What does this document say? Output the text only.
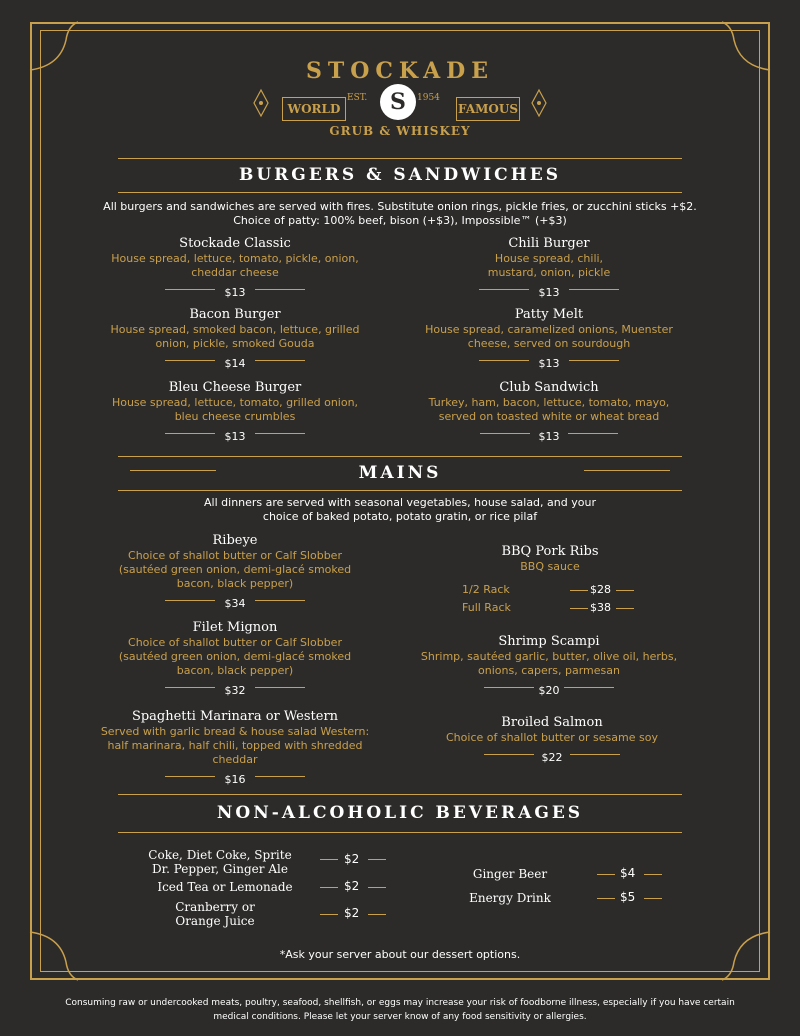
STOCKADE
WORLD
EST.	S	1954
FAMOUS
GRUB & WHISKEY
BURGERS & SANDWICHES
All burgers and sandwiches are served with fires. Substitute onion rings, pickle fries, or zucchini sticks +$2. Choice of patty: 100% beef, bison (+$3), Impossible™ (+$3)
Stockade Classic
House spread, lettuce, tomato, pickle, onion, cheddar cheese
$13
Chili Burger
House spread, chili, mustard, onion, pickle
$13
Bacon Burger
House spread, smoked bacon, lettuce, grilled onion, pickle, smoked Gouda
$14
Patty Melt
House spread, caramelized onions, Muenster cheese, served on sourdough
$13
Bleu Cheese Burger
House spread, lettuce, tomato, grilled onion, bleu cheese crumbles
$13
Club Sandwich
Turkey, ham, bacon, lettuce, tomato, mayo, served on toasted white or wheat bread
$13
MAINS
All dinners are served with seasonal vegetables, house salad, and your choice of baked potato, potato gratin, or rice pilaf
Ribeye
Choice of shallot butter or Calf Slobber (sautéed green onion, demi-glacé smoked bacon, black pepper)
$34
BBQ Pork Ribs
BBQ sauce
1/2 Rack	$28
Full Rack	$38
Filet Mignon
Choice of shallot butter or Calf Slobber (sautéed green onion, demi-glacé smoked bacon, black pepper)
$32
Shrimp Scampi
Shrimp, sautéed garlic, butter, olive oil, herbs, onions, capers, parmesan
$20
Spaghetti Marinara or Western
Served with garlic bread & house salad Western: half marinara, half chili, topped with shredded cheddar
$16
Broiled Salmon
Choice of shallot butter or sesame soy
$22
NON-ALCOHOLIC BEVERAGES
Coke, Diet Coke, Sprite Dr. Pepper, Ginger Ale
$2
Iced Tea or Lemonade	$2
Cranberry or Orange Juice
$2
Ginger Beer	$4
Energy Drink	$5
*Ask your server about our dessert options.
Consuming raw or undercooked meats, poultry, seafood, shellfish, or eggs may increase your risk of foodborne illness, especially if you have certain medical conditions. Please let your server know of any food sensitivity or allergies.
